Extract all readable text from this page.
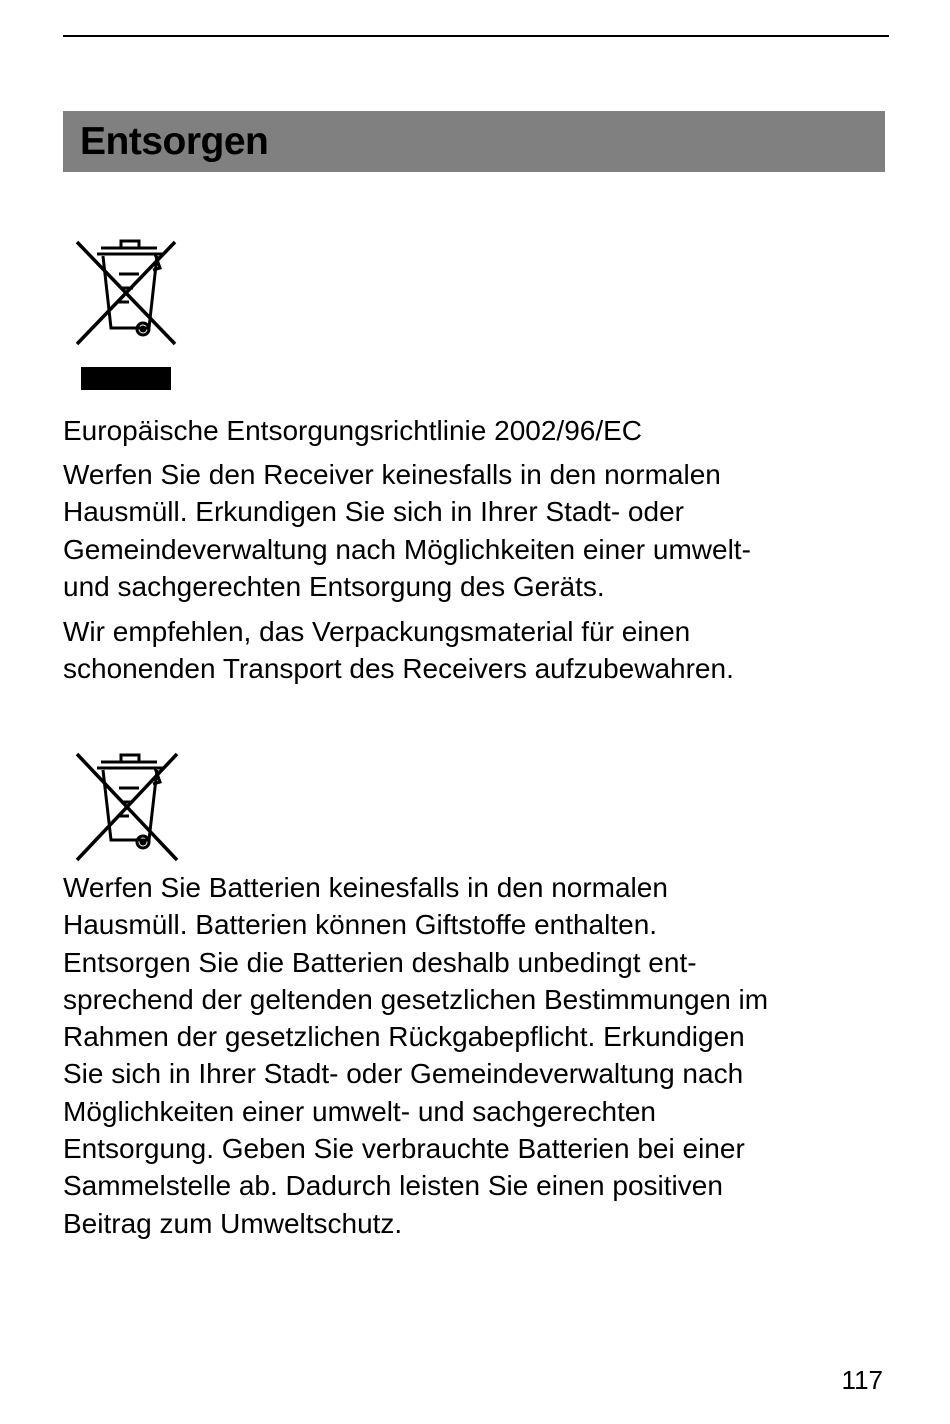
Entsorgen

Europäische Entsorgungsrichtlinie 2002/96/EC

Werfen Sie den Receiver keinesfalls in den normalen
Hausmüll. Erkundigen Sie sich in Ihrer Stadt- oder
Gemeindeverwaltung nach Möglichkeiten einer umwelt-
und sachgerechten Entsorgung des Geräts.

Wir empfehlen, das Verpackungsmaterial für einen
schonenden Transport des Receivers aufzubewahren.

Werfen Sie Batterien keinesfalls in den normalen
Hausmüll. Batterien können Giftstoffe enthalten.
Entsorgen Sie die Batterien deshalb unbedingt ent-
sprechend der geltenden gesetzlichen Bestimmungen im
Rahmen der gesetzlichen Rückgabepflicht. Erkundigen
Sie sich in Ihrer Stadt- oder Gemeindeverwaltung nach
Möglichkeiten einer umwelt- und sachgerechten
Entsorgung. Geben Sie verbrauchte Batterien bei einer
Sammelstelle ab. Dadurch leisten Sie einen positiven
Beitrag zum Umweltschutz.

117
